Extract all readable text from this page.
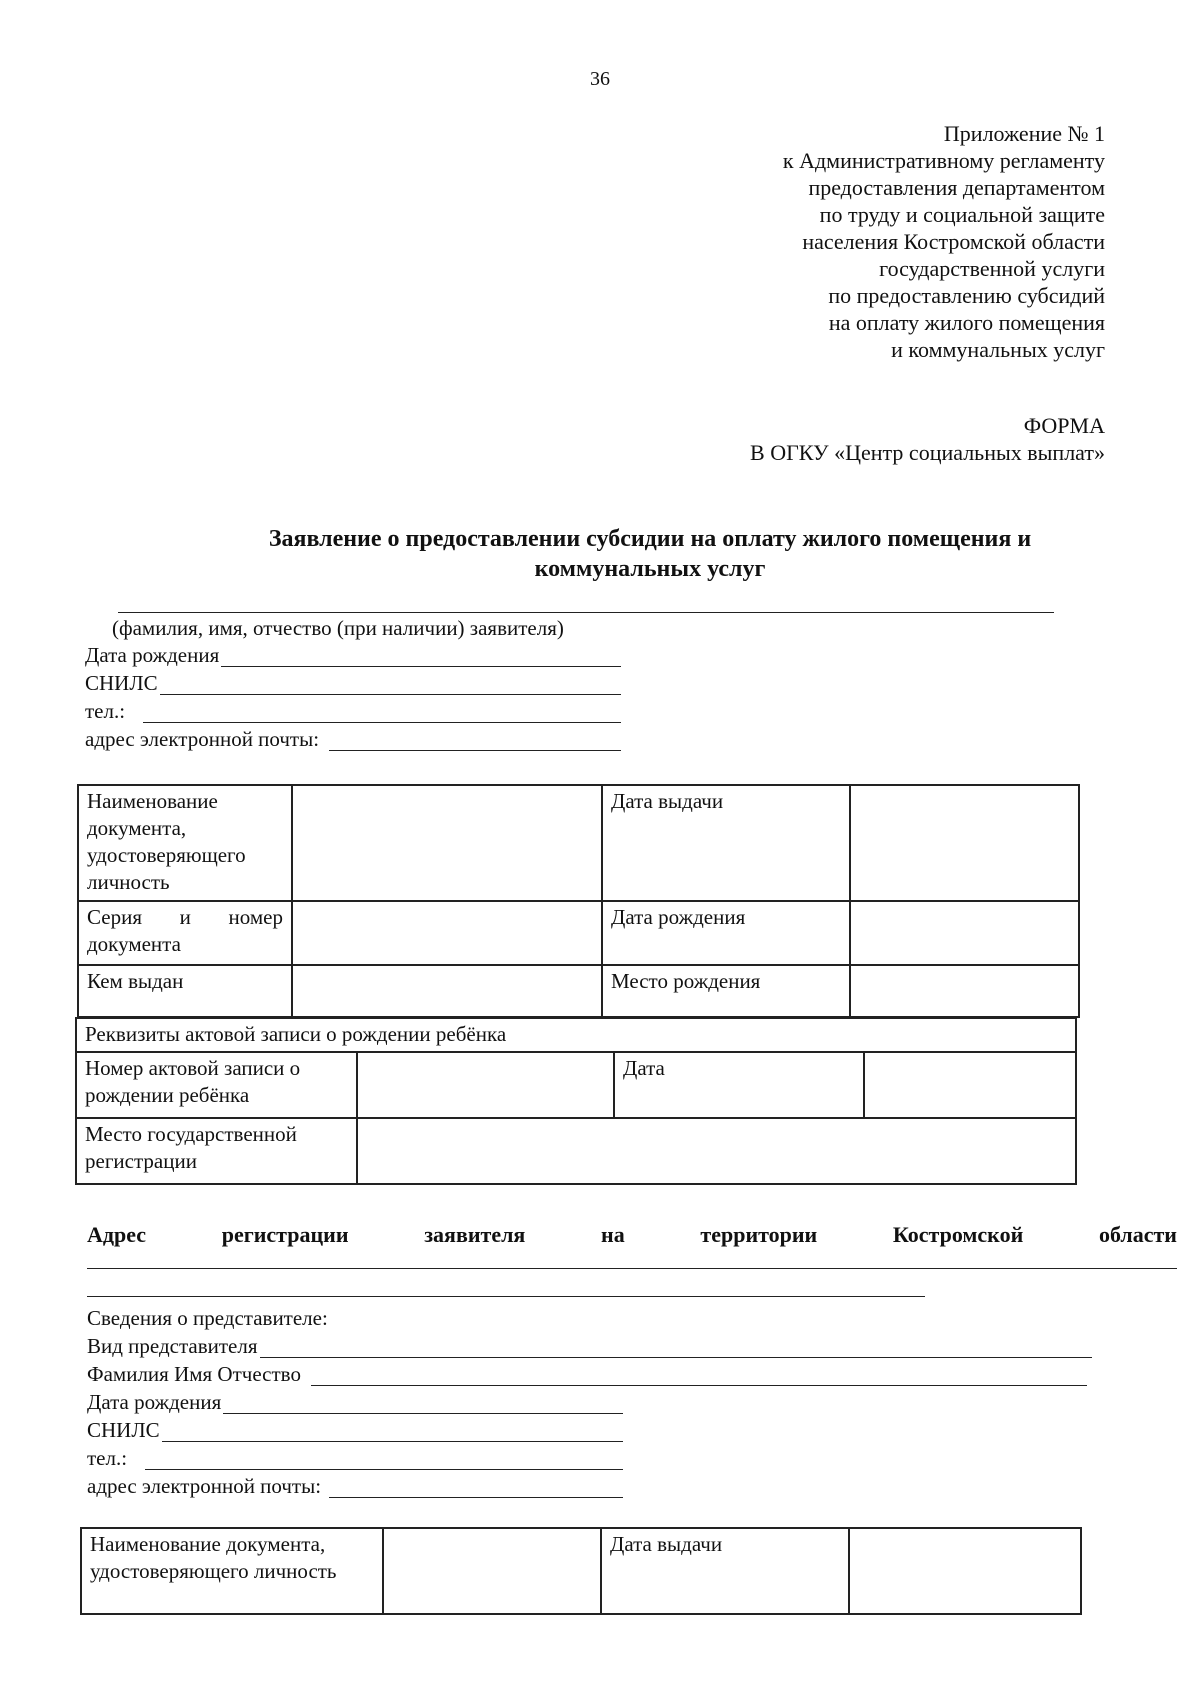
36
Приложение № 1
к Административному регламенту
предоставления департаментом
по труду и социальной защите
населения Костромской области
государственной услуги
по предоставлению субсидий
на оплату жилого помещения
и коммунальных услуг
ФОРМА
В ОГКУ «Центр социальных выплат»
Заявление о предоставлении субсидии на оплату жилого помещения и
коммунальных услуг
(фамилия, имя, отчество (при наличии) заявителя)
Дата рождения
СНИЛС
тел.:
адрес электронной почты:
Наименование документа, удостоверяющего личность		Дата выдачи	
Серия и номер документа		Дата рождения	
Кем выдан		Место рождения	
Реквизиты актовой записи о рождении ребёнка			
Номер актовой записи о рождении ребёнка		Дата	
Место государственной регистрации			
Адрес	регистрации	заявителя	на	территории	Костромской	области
Сведения о представителе:
Вид представителя
Фамилия Имя Отчество
Дата рождения
СНИЛС
тел.:
адрес электронной почты:
Наименование документа, удостоверяющего личность		Дата выдачи	
